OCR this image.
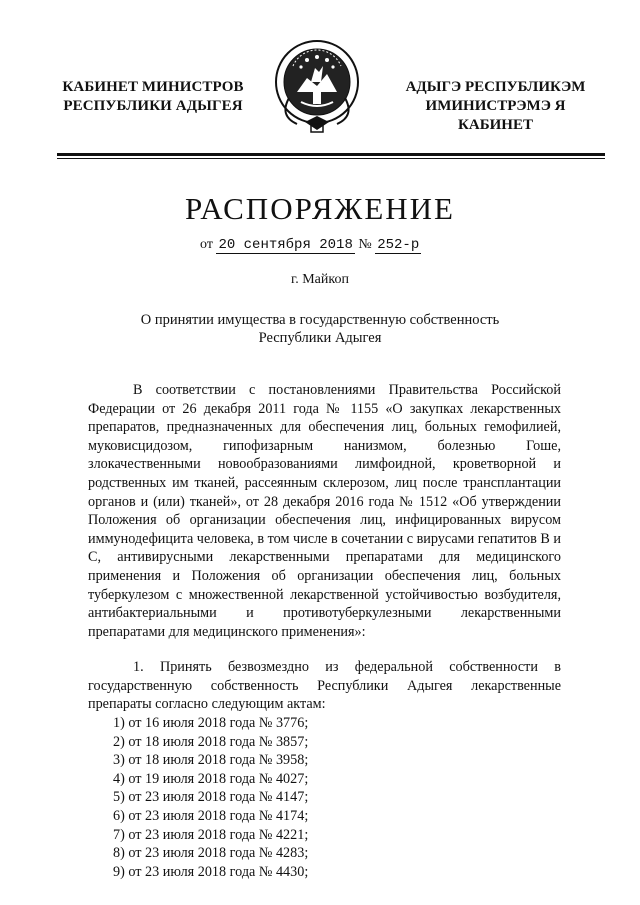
КАБИНЕТ МИНИСТРОВ
РЕСПУБЛИКИ АДЫГЕЯ
АДЫГЭ РЕСПУБЛИКЭМ
ИМИНИСТРЭМЭ Я КАБИНЕТ
РАСПОРЯЖЕНИЕ
от 20 сентября 2018 № 252-р
г. Майкоп
О принятии имущества в государственную собственность
Республики Адыгея

В соответствии с постановлениями Правительства Российской Федерации от 26 декабря 2011 года № 1155 «О закупках лекарственных препаратов, предназначенных для обеспечения лиц, больных гемофилией, муковисцидозом, гипофизарным нанизмом, болезнью Гоше, злокачественными новообразованиями лимфоидной, кроветворной и родственных им тканей, рассеянным склерозом, лиц после трансплантации органов и (или) тканей», от 28 декабря 2016 года № 1512 «Об утверждении Положения об организации обеспечения лиц, инфицированных вирусом иммунодефицита человека, в том числе в сочетании с вирусами гепатитов В и С, антивирусными лекарственными препаратами для медицинского применения и Положения об организации обеспечения лиц, больных туберкулезом с множественной лекарственной устойчивостью возбудителя, антибактериальными и противотуберкулезными лекарственными препаратами для медицинского применения»:

1. Принять безвозмездно из федеральной собственности в государственную собственность Республики Адыгея лекарственные препараты согласно следующим актам:

1) от 16 июля 2018 года № 3776;
2) от 18 июля 2018 года № 3857;
3) от 18 июля 2018 года № 3958;
4) от 19 июля 2018 года № 4027;
5) от 23 июля 2018 года № 4147;
6) от 23 июля 2018 года № 4174;
7) от 23 июля 2018 года № 4221;
8) от 23 июля 2018 года № 4283;
9) от 23 июля 2018 года № 4430;
